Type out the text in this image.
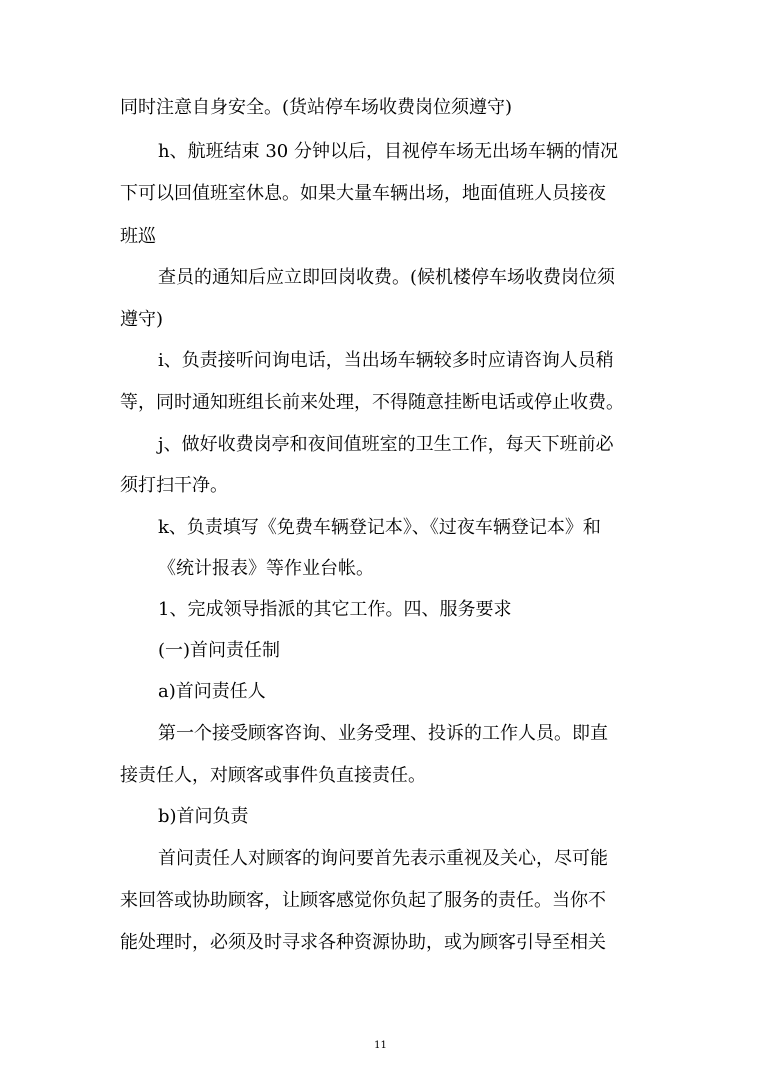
同时注意自身安全。(货站停车场收费岗位须遵守)
h、航班结束 30 分钟以后，目视停车场无出场车辆的情况
下可以回值班室休息。如果大量车辆出场，地面值班人员接夜
班巡
查员的通知后应立即回岗收费。(候机楼停车场收费岗位须
遵守)
i、负责接听问询电话，当出场车辆较多时应请咨询人员稍
等，同时通知班组长前来处理，不得随意挂断电话或停止收费。
j、做好收费岗亭和夜间值班室的卫生工作，每天下班前必
须打扫干净。
k、负责填写《免费车辆登记本》、《过夜车辆登记本》和
《统计报表》等作业台帐。
1、完成领导指派的其它工作。四、服务要求
(一)首问责任制
a)首问责任人
第一个接受顾客咨询、业务受理、投诉的工作人员。即直
接责任人，对顾客或事件负直接责任。
b)首问负责
首问责任人对顾客的询问要首先表示重视及关心，尽可能
来回答或协助顾客，让顾客感觉你负起了服务的责任。当你不
能处理时，必须及时寻求各种资源协助，或为顾客引导至相关
11
